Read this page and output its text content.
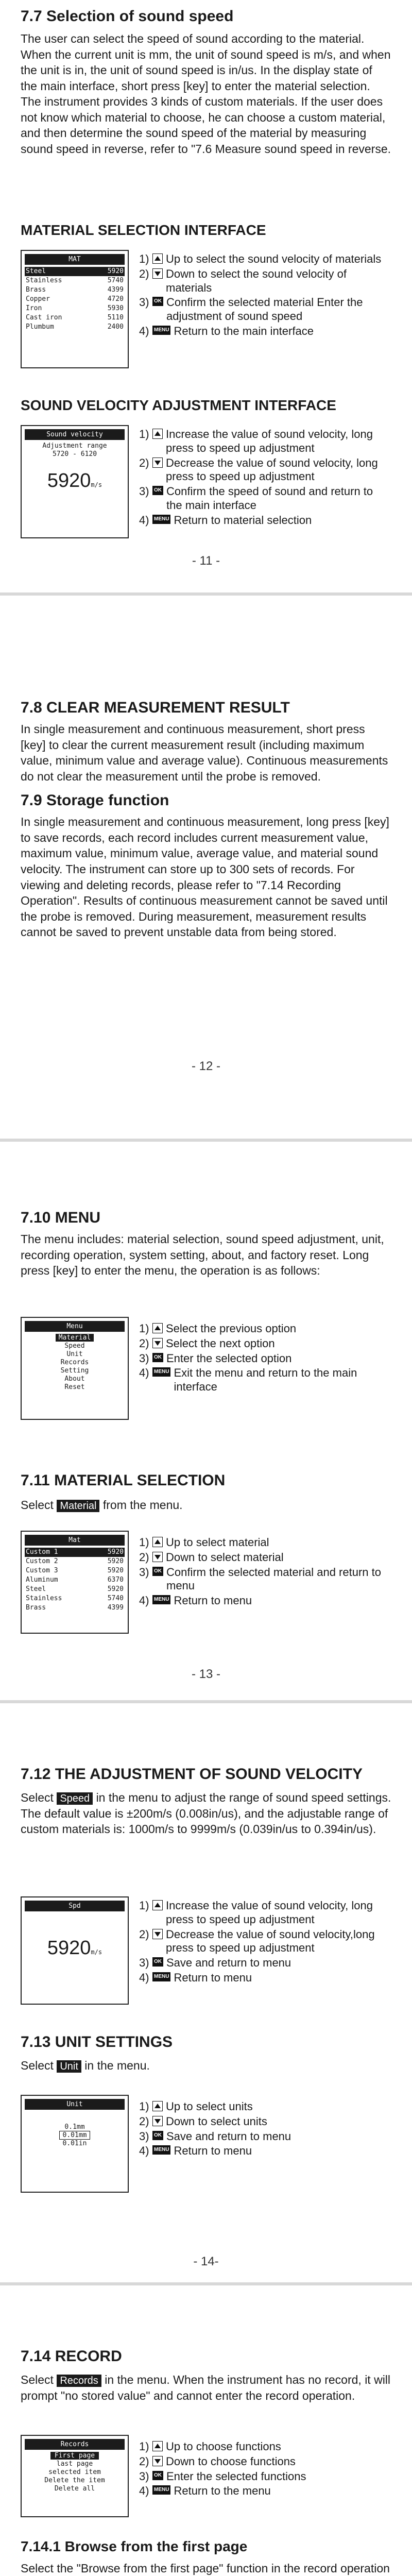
7.7 Selection of sound speed

The user can select the speed of sound according to the material. When the current unit is mm, the unit of sound speed is m/s, and when the unit is in, the unit of sound speed is in/us. In the display state of the main interface, short press [key] to enter the material selection. The instrument provides 3 kinds of custom materials. If the user does not know which material to choose, he can choose a custom material, and then determine the sound speed of the material by measuring sound speed in reverse, refer to "7.6 Measure sound speed in reverse.

MATERIAL SELECTION INTERFACE
MAT
Steel	5920
Stainless	5740
Brass	4399
Copper	4720
Iron	5930
Cast iron	5110
Plumbum	2400
1) Up to select the sound velocity of materials
2) Down to select the sound velocity of materials
3) OK Confirm the selected material Enter the adjustment of sound speed
4) MENU Return to the main interface
SOUND VELOCITY ADJUSTMENT INTERFACE
Sound velocity
Adjustment range
5720 - 6120
5920m/s
1) Increase the value of sound velocity, long press to speed up adjustment
2) Decrease the value of sound velocity, long press to speed up adjustment
3) OK Confirm the speed of sound and return to the main interface
4) MENU Return to material selection
- 11 -
7.8 CLEAR MEASUREMENT RESULT

In single measurement and continuous measurement, short press [key] to clear the current measurement result (including maximum value, minimum value and average value). Continuous measurements do not clear the measurement until the probe is removed.

7.9 Storage function

In single measurement and continuous measurement, long press [key] to save records, each record includes current measurement value, maximum value, minimum value, average value, and material sound velocity. The instrument can store up to 300 sets of records. For viewing and deleting records, please refer to "7.14 Recording Operation". Results of continuous measurement cannot be saved until the probe is removed. During measurement, measurement results cannot be saved to prevent unstable data from being stored.

- 12 -
7.10 MENU

The menu includes: material selection, sound speed adjustment, unit, recording operation, system setting, about, and factory reset. Long press [key] to enter the menu, the operation is as follows:

Menu
Material
Speed
Unit
Records
Setting
About
Reset
1) Select the previous option
2) Select the next option
3) OK Enter the selected option
4) MENU Exit the menu and return to the main interface
7.11 MATERIAL SELECTION

Select Material from the menu.

Mat
Custom 1	5920
Custom 2	5920
Custom 3	5920
Aluminum	6370
Steel	5920
Stainless	5740
Brass	4399
1) Up to select material
2) Down to select material
3) OK Confirm the selected material and return to menu
4) MENU Return to menu
- 13 -
7.12 THE ADJUSTMENT OF SOUND VELOCITY

Select Speed in the menu to adjust the range of sound speed settings. The default value is ±200m/s (0.008in/us), and the adjustable range of custom materials is: 1000m/s to 9999m/s (0.039in/us to 0.394in/us).

Spd
5920m/s
1) Increase the value of sound velocity, long press to speed up adjustment
2) Decrease the value of sound velocity,long press to speed up adjustment
3) OK Save and return to menu
4) MENU Return to menu
7.13 UNIT SETTINGS

Select Unit in the menu.

Unit
0.1mm
0.01mm
0.01in
1) Up to select units
2) Down to select units
3) OK Save and return to menu
4) MENU Return to menu
- 14-
7.14 RECORD

Select Records in the menu. When the instrument has no record, it will prompt "no stored value" and cannot enter the record operation.

Records
First page
last page
selected item
Delete the item
Delete all
1) Up to choose functions
2) Down to choose functions
3) OK Enter the selected functions
4) MENU Return to the menu
7.14.1 Browse from the first page

Select the "Browse from the first page" function in the record operation
